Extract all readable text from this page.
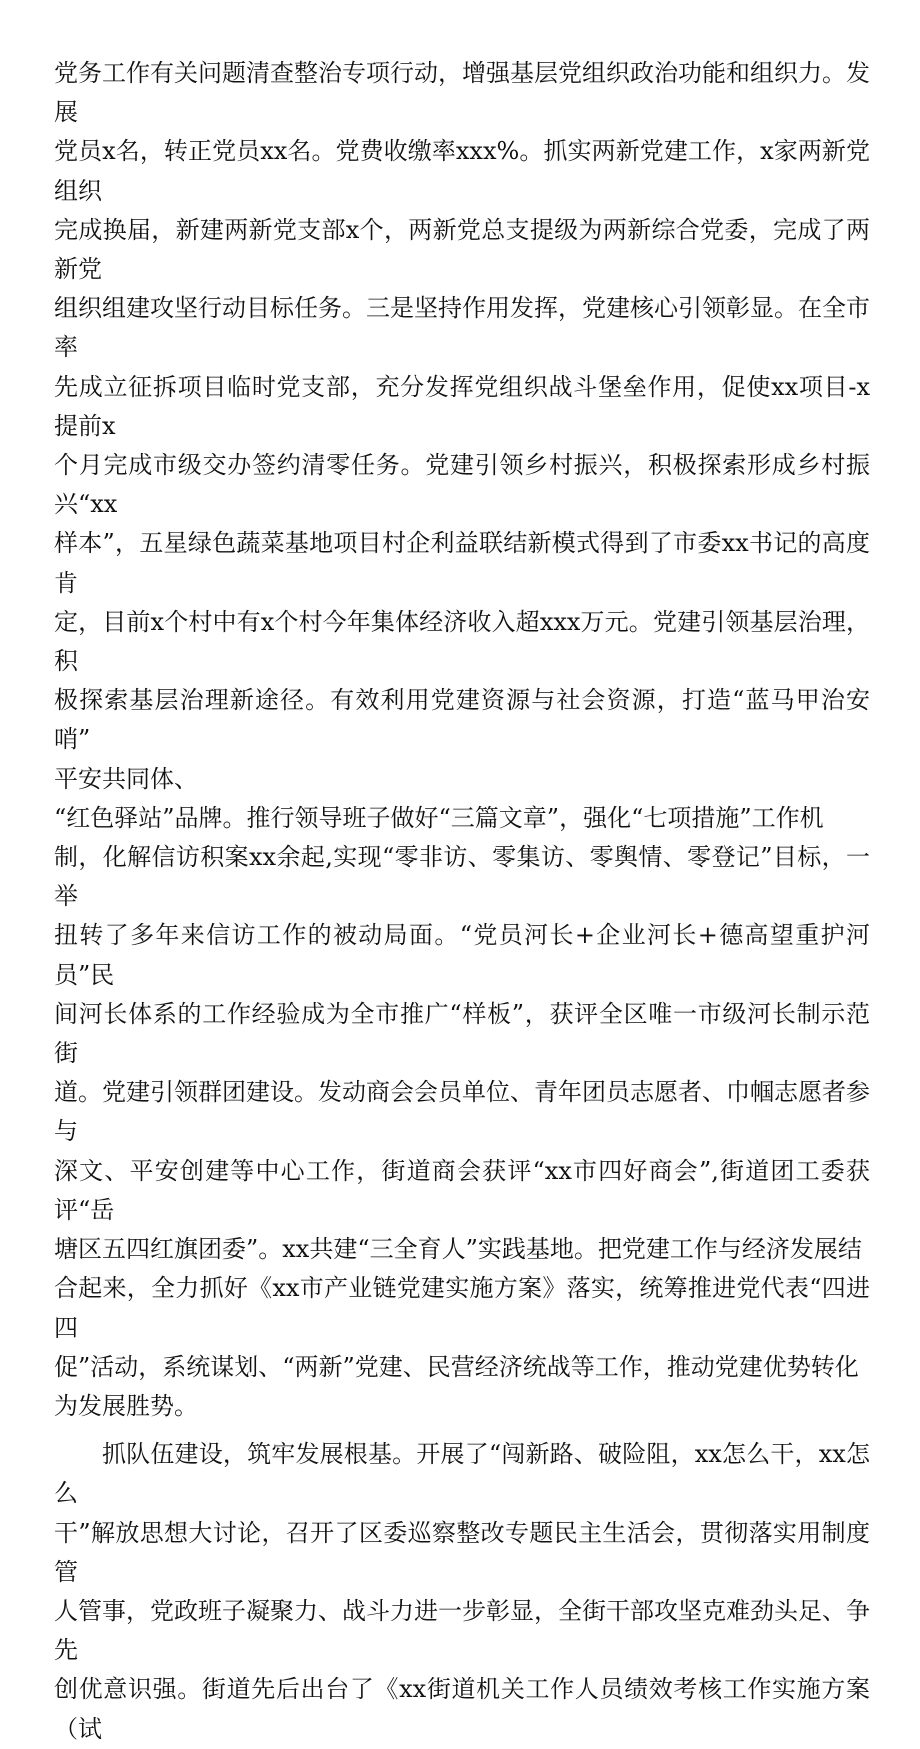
党务工作有关问题清查整治专项行动，增强基层党组织政治功能和组织力。发展
党员x名，转正党员xx名。党费收缴率xxx%。抓实两新党建工作，x家两新党组织
完成换届，新建两新党支部x个，两新党总支提级为两新综合党委，完成了两新党
组织组建攻坚行动目标任务。三是坚持作用发挥，党建核心引领彰显。在全市率
先成立征拆项目临时党支部，充分发挥党组织战斗堡垒作用，促使xx项目-x提前x
个月完成市级交办签约清零任务。党建引领乡村振兴，积极探索形成乡村振兴“xx
样本”，五星绿色蔬菜基地项目村企利益联结新模式得到了市委xx书记的高度肯
定，目前x个村中有x个村今年集体经济收入超xxx万元。党建引领基层治理，积
极探索基层治理新途径。有效利用党建资源与社会资源，打造“蓝马甲治安哨”
平安共同体、
“红色驿站”品牌。推行领导班子做好“三篇文章”，强化“七项措施”工作机
制，化解信访积案xx余起,实现“零非访、零集访、零舆情、零登记”目标，一举
扭转了多年来信访工作的被动局面。“党员河长+企业河长+德高望重护河员”民
间河长体系的工作经验成为全市推广“样板”，获评全区唯一市级河长制示范街
道。党建引领群团建设。发动商会会员单位、青年团员志愿者、巾帼志愿者参与
深文、平安创建等中心工作，街道商会获评“xx市四好商会”,街道团工委获评“岳
塘区五四红旗团委”。xx共建“三全育人”实践基地。把党建工作与经济发展结
合起来，全力抓好《xx市产业链党建实施方案》落实，统筹推进党代表“四进四
促”活动，系统谋划、“两新”党建、民营经济统战等工作，推动党建优势转化
为发展胜势。
抓队伍建设，筑牢发展根基。开展了“闯新路、破险阻，xx怎么干，xx怎么
干”解放思想大讨论，召开了区委巡察整改专题民主生活会，贯彻落实用制度管
人管事，党政班子凝聚力、战斗力进一步彰显，全街干部攻坚克难劲头足、争先
创优意识强。街道先后出台了《xx街道机关工作人员绩效考核工作实施方案（试
